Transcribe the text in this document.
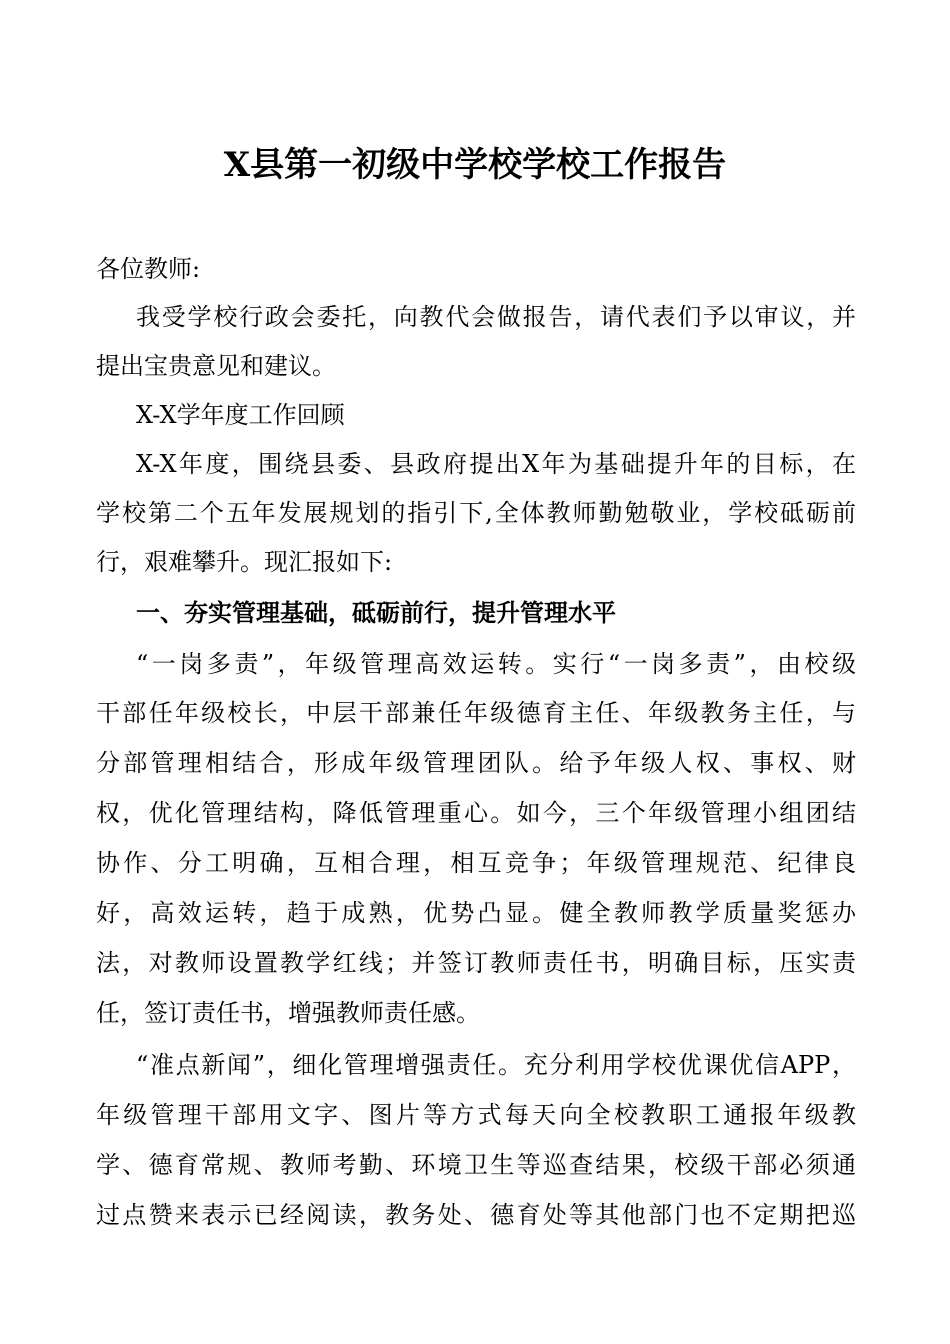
X县第一初级中学校学校工作报告
各位教师:
我受学校行政会委托，向教代会做报告，请代表们予以审议，并
提出宝贵意见和建议。
X-X学年度工作回顾
X-X年度，围绕县委、县政府提出X年为基础提升年的目标，在
学校第二个五年发展规划的指引下,全体教师勤勉敬业，学校砥砺前
行，艰难攀升。现汇报如下:
一、夯实管理基础，砥砺前行，提升管理水平
“一岗多责”，年级管理高效运转。实行“一岗多责”，由校级
干部任年级校长，中层干部兼任年级德育主任、年级教务主任，与
分部管理相结合，形成年级管理团队。给予年级人权、事权、财
权，优化管理结构，降低管理重心。如今，三个年级管理小组团结
协作、分工明确，互相合理，相互竞争；年级管理规范、纪律良
好，高效运转，趋于成熟，优势凸显。健全教师教学质量奖惩办
法，对教师设置教学红线；并签订教师责任书，明确目标，压实责
任，签订责任书，增强教师责任感。
“准点新闻”，细化管理增强责任。充分利用学校优课优信APP，
年级管理干部用文字、图片等方式每天向全校教职工通报年级教
学、德育常规、教师考勤、环境卫生等巡查结果，校级干部必须通
过点赞来表示已经阅读，教务处、德育处等其他部门也不定期把巡
